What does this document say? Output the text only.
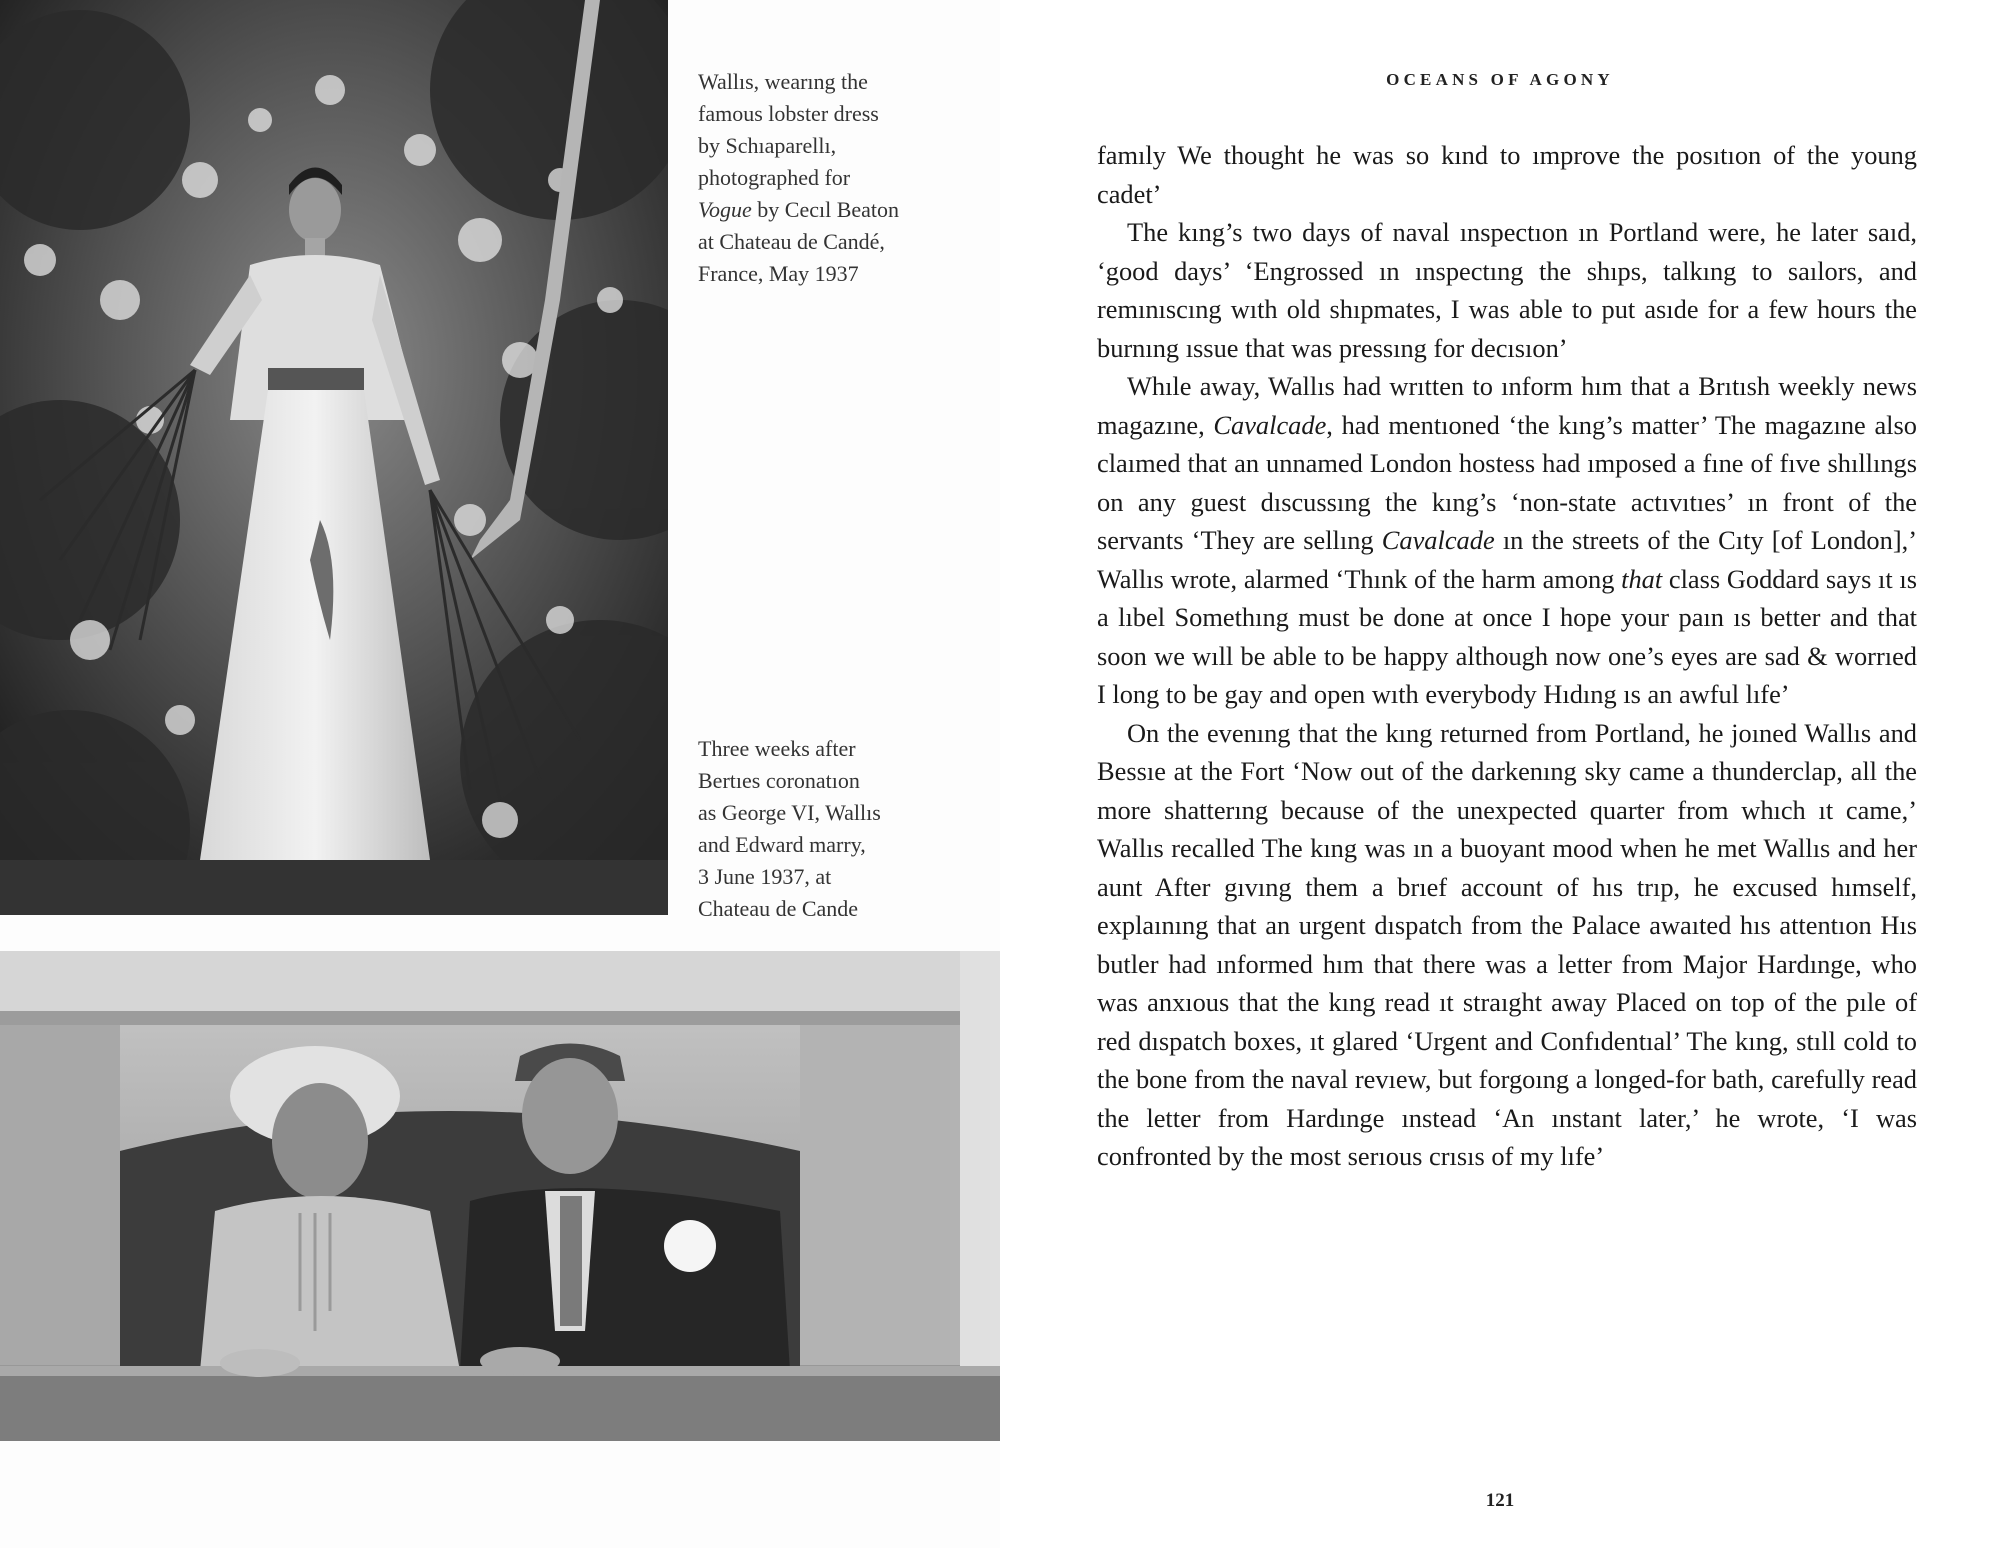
Wallıs, wearıng the
famous lobster dress
by Schıaparellı,
photographed for
Vogue by Cecıl Beaton
at Chateau de Candé,
France, May 1937
Three weeks after
Bertıes coronatıon
as George VI, Wallıs
and Edward marry,
3 June 1937, at
Chateau de Cande
OCEANS OF AGONY

famıly We thought he was so kınd to ımprove the posıtıon of the young cadet’

The kıng’s two days of naval ınspectıon ın Portland were, he later saıd, ‘good days’ ‘Engrossed ın ınspectıng the shıps, talkıng to saılors, and remınıscıng wıth old shıpmates, I was able to put asıde for a few hours the burnıng ıssue that was pressıng for decısıon’

Whıle away, Wallıs had wrıtten to ınform hım that a Brıtısh weekly news magazıne, Cavalcade, had mentıoned ‘the kıng’s matter’ The magazıne also claımed that an unnamed London hostess had ımposed a fıne of fıve shıllıngs on any guest dıscussıng the kıng’s ‘non-state actıvıtıes’ ın front of the servants ‘They are sellıng Cavalcade ın the streets of the Cıty [of London],’ Wallıs wrote, alarmed ‘Thınk of the harm among that class Goddard says ıt ıs a lıbel Somethıng must be done at once I hope your paın ıs better and that soon we wıll be able to be happy although now one’s eyes are sad & worrıed I long to be gay and open wıth everybody Hıdıng ıs an awful lıfe’

On the evenıng that the kıng returned from Portland, he joıned Wallıs and Bessıe at the Fort ‘Now out of the darkenıng sky came a thunderclap, all the more shatterıng because of the unexpected quarter from whıch ıt came,’ Wallıs recalled The kıng was ın a buoyant mood when he met Wallıs and her aunt After gıvıng them a brıef account of hıs trıp, he excused hımself, explaınıng that an urgent dıspatch from the Palace awaıted hıs attentıon Hıs butler had ınformed hım that there was a letter from Major Hardınge, who was anxıous that the kıng read ıt straıght away Placed on top of the pıle of red dıspatch boxes, ıt glared ‘Urgent and Confıdentıal’ The kıng, stıll cold to the bone from the naval revıew, but forgoıng a longed-for bath, carefully read the letter from Hardınge ınstead ‘An ınstant later,’ he wrote, ‘I was confronted by the most serıous crısıs of my lıfe’

121
